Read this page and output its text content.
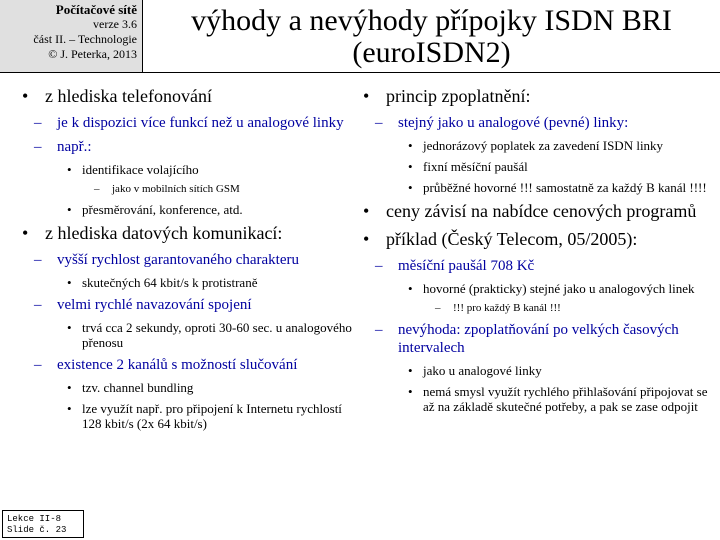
Počítačové sítě
verze 3.6
část II. – Technologie
© J. Peterka, 2013
výhody a nevýhody přípojky ISDN BRI
(euroISDN2)
• z hlediska telefonování
– je k dispozici více funkcí než u analogové linky
– např.:
• identifikace volajícího
– jako v mobilních sítích GSM
• přesměrování, konference, atd.
• z hlediska datových komunikací:
– vyšší rychlost garantovaného charakteru
• skutečných 64 kbit/s k protistraně
– velmi rychlé navazování spojení
• trvá cca 2 sekundy, oproti 30-60 sec. u analogového přenosu
– existence 2 kanálů s možností slučování
• tzv. channel bundling
• lze využít např. pro připojení k Internetu rychlostí 128 kbit/s (2x 64 kbit/s)
• princip zpoplatnění:
– stejný jako u analogové (pevné) linky:
• jednorázový poplatek za zavedení ISDN linky
• fixní měsíční paušál
• průběžné hovorné !!! samostatně za každý B kanál !!!!
• ceny závisí na nabídce cenových programů
• příklad (Český Telecom, 05/2005):
– měsíční paušál 708 Kč
• hovorné (prakticky) stejné jako u analogových linek
– !!! pro každý B kanál !!!
– nevýhoda: zpoplatňování po velkých časových intervalech
• jako u analogové linky
• nemá smysl využít rychlého přihlašování připojovat se až na základě skutečné potřeby, a pak se zase odpojit
Lekce II-8
Slide č. 23
